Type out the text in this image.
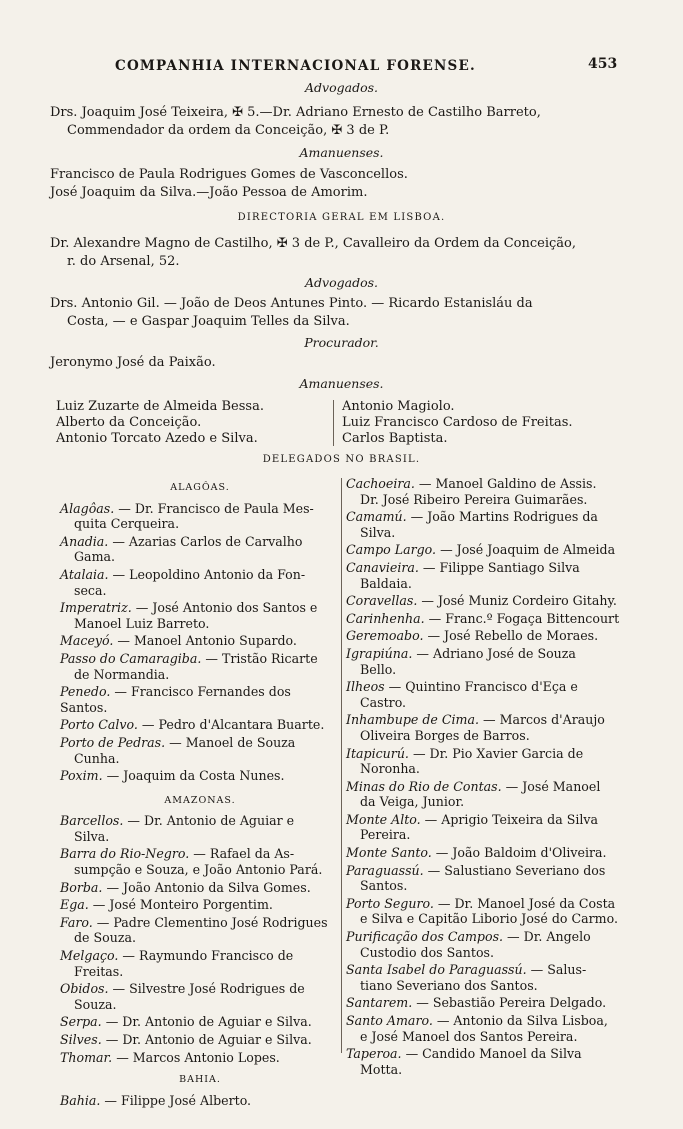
COMPANHIA INTERNACIONAL FORENSE.	453
Advogados.
Drs. Joaquim José Teixeira, ✠ 5.—Dr. Adriano Ernesto de Castilho Barreto,
Commendador da ordem da Conceição, ✠ 3 de P.
Amanuenses.
Francisco de Paula Rodrigues Gomes de Vasconcellos.
José Joaquim da Silva.—João Pessoa de Amorim.
DIRECTORIA GERAL EM LISBOA.
Dr. Alexandre Magno de Castilho, ✠ 3 de P., Cavalleiro da Ordem da Conceição,
r. do Arsenal, 52.
Advogados.
Drs. Antonio Gil. — João de Deos Antunes Pinto. — Ricardo Estanisláu da
Costa, — e Gaspar Joaquim Telles da Silva.
Procurador.
Jeronymo José da Paixão.
Amanuenses.
Luiz Zuzarte de Almeida Bessa.
Alberto da Conceição.
Antonio Torcato Azedo e Silva.
Antonio Magiolo.
Luiz Francisco Cardoso de Freitas.
Carlos Baptista.
DELEGADOS NO BRASIL.
ALAGÔAS.
Alagôas. — Dr. Francisco de Paula Mes-
quita Cerqueira.
Anadia. — Azarias Carlos de Carvalho
Gama.
Atalaia. — Leopoldino Antonio da Fon-
seca.
Imperatriz. — José Antonio dos Santos e
Manoel Luiz Barreto.
Maceyó. — Manoel Antonio Supardo.
Passo do Camaragiba. — Tristão Ricarte
de Normandia.
Penedo. — Francisco Fernandes dos Santos.
Porto Calvo. — Pedro d'Alcantara Buarte.
Porto de Pedras. — Manoel de Souza
Cunha.
Poxim. — Joaquim da Costa Nunes.
AMAZONAS.
Barcellos. — Dr. Antonio de Aguiar e
Silva.
Barra do Rio-Negro. — Rafael da As-
sumpção e Souza, e João Antonio Pará.
Borba. — João Antonio da Silva Gomes.
Ega. — José Monteiro Porgentim.
Faro. — Padre Clementino José Rodrigues
de Souza.
Melgaço. — Raymundo Francisco de
Freitas.
Obidos. — Silvestre José Rodrigues de
Souza.
Serpa. — Dr. Antonio de Aguiar e Silva.
Silves. — Dr. Antonio de Aguiar e Silva.
Thomar. — Marcos Antonio Lopes.
BAHIA.
Bahia. — Filippe José Alberto.
Cachoeira. — Manoel Galdino de Assis.
Dr. José Ribeiro Pereira Guimarães.
Camamú. — João Martins Rodrigues da
Silva.
Campo Largo. — José Joaquim de Almeida
Canavieira. — Filippe Santiago Silva
Baldaia.
Coravellas. — José Muniz Cordeiro Gitahy.
Carinhenha. — Franc.º Fogaça Bittencourt
Geremoabo. — José Rebello de Moraes.
Igrapiúna. — Adriano José de Souza
Bello.
Ilheos — Quintino Francisco d'Eça e
Castro.
Inhambupe de Cima. — Marcos d'Araujo
Oliveira Borges de Barros.
Itapicurú. — Dr. Pio Xavier Garcia de
Noronha.
Minas do Rio de Contas. — José Manoel
da Veiga, Junior.
Monte Alto. — Aprigio Teixeira da Silva
Pereira.
Monte Santo. — João Baldoim d'Oliveira.
Paraguassú. — Salustiano Severiano dos
Santos.
Porto Seguro. — Dr. Manoel José da Costa
e Silva e Capitão Liborio José do Carmo.
Purificação dos Campos. — Dr. Angelo
Custodio dos Santos.
Santa Isabel do Paraguassú. — Salus-
tiano Severiano dos Santos.
Santarem. — Sebastião Pereira Delgado.
Santo Amaro. — Antonio da Silva Lisboa,
e José Manoel dos Santos Pereira.
Taperoa. — Candido Manoel da Silva
Motta.
